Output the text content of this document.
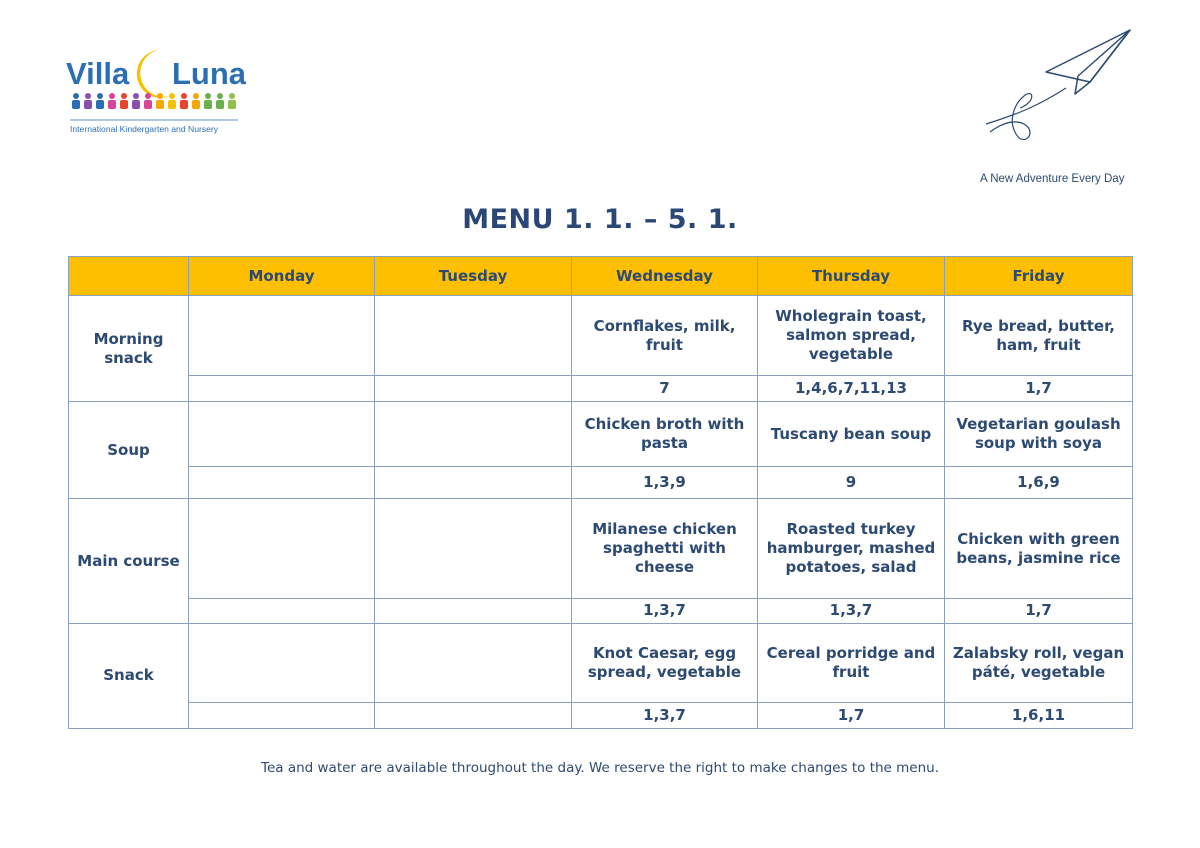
Villa Luna
International Kindergarten and Nursery
A New Adventure Every Day
MENU 1. 1. – 5. 1.
	Monday	Tuesday	Wednesday	Thursday	Friday
Morning snack			Cornflakes, milk, fruit	Wholegrain toast, salmon spread, vegetable	Rye bread, butter, ham, fruit
			7	1,4,6,7,11,13	1,7
Soup			Chicken broth with pasta	Tuscany bean soup	Vegetarian goulash soup with soya
			1,3,9	9	1,6,9
Main course			Milanese chicken spaghetti with cheese	Roasted turkey hamburger, mashed potatoes, salad	Chicken with green beans, jasmine rice
			1,3,7	1,3,7	1,7
Snack			Knot Caesar, egg spread, vegetable	Cereal porridge and fruit	Zalabsky roll, vegan páté, vegetable
			1,3,7	1,7	1,6,11
Tea and water are available throughout the day. We reserve the right to make changes to the menu.
